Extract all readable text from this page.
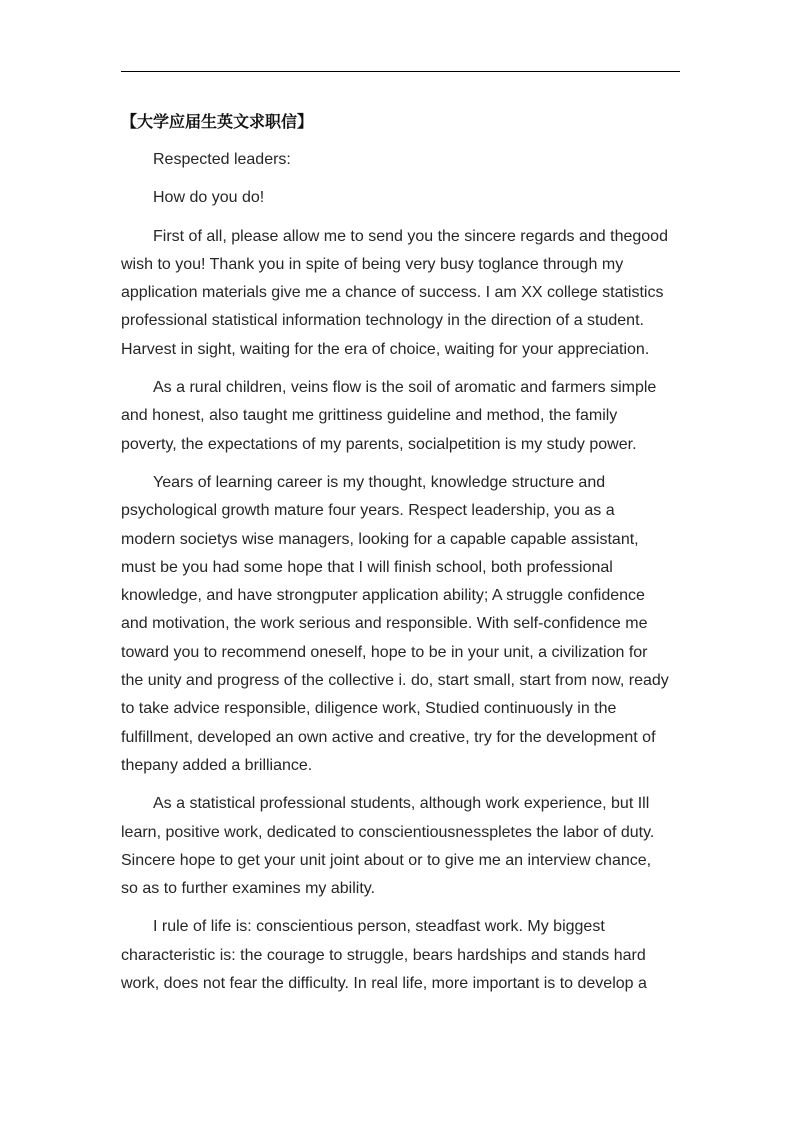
【大学应届生英文求职信】

Respected leaders:

How do you do!

First of all, please allow me to send you the sincere regards and thegood wish to you! Thank you in spite of being very busy toglance through my application materials give me a chance of success. I am XX college statistics professional statistical information technology in the direction of a student. Harvest in sight, waiting for the era of choice, waiting for your appreciation.

As a rural children, veins flow is the soil of aromatic and farmers simple and honest, also taught me grittiness guideline and method, the family poverty, the expectations of my parents, socialpetition is my study power.

Years of learning career is my thought, knowledge structure and psychological growth mature four years. Respect leadership, you as a modern societys wise managers, looking for a capable capable assistant, must be you had some hope that I will finish school, both professional knowledge, and have strongputer application ability; A struggle confidence and motivation, the work serious and responsible. With self-confidence me toward you to recommend oneself, hope to be in your unit, a civilization for the unity and progress of the collective i. do, start small, start from now, ready to take advice responsible, diligence work, Studied continuously in the fulfillment, developed an own active and creative, try for the development of thepany added a brilliance.

As a statistical professional students, although work experience, but Ill learn, positive work, dedicated to conscientiousnesspletes the labor of duty. Sincere hope to get your unit joint about or to give me an interview chance, so as to further examines my ability.

I rule of life is: conscientious person, steadfast work. My biggest characteristic is: the courage to struggle, bears hardships and stands hard work, does not fear the difficulty. In real life, more important is to develop a
